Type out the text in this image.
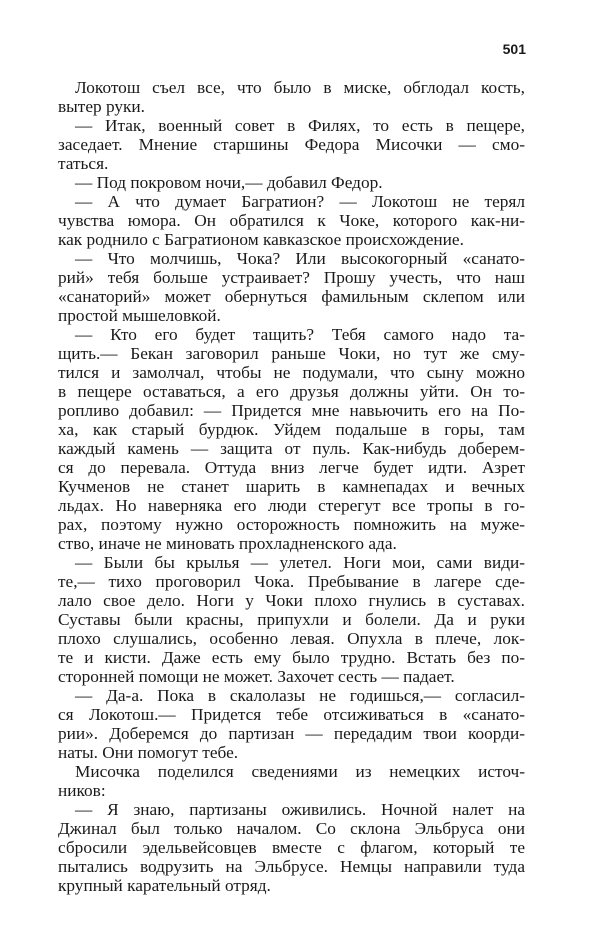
501
Локотош съел все, что было в миске, обглодал кость,
вытер руки.
— Итак, военный совет в Филях, то есть в пещере,
заседает. Мнение старшины Федора Мисочки — смо-
таться.
— Под покровом ночи,— добавил Федор.
— А что думает Багратион? — Локотош не терял
чувства юмора. Он обратился к Чоке, которого как-ни-
как роднило с Багратионом кавказское происхождение.
— Что молчишь, Чока? Или высокогорный «санато-
рий» тебя больше устраивает? Прошу учесть, что наш
«санаторий» может обернуться фамильным склепом или
простой мышеловкой.
— Кто его будет тащить? Тебя самого надо та-
щить.— Бекан заговорил раньше Чоки, но тут же сму-
тился и замолчал, чтобы не подумали, что сыну можно
в пещере оставаться, а его друзья должны уйти. Он то-
ропливо добавил: — Придется мне навьючить его на По-
ха, как старый бурдюк. Уйдем подальше в горы, там
каждый камень — защита от пуль. Как-нибудь доберем-
ся до перевала. Оттуда вниз легче будет идти. Азрет
Кучменов не станет шарить в камнепадах и вечных
льдах. Но наверняка его люди стерегут все тропы в го-
рах, поэтому нужно осторожность помножить на муже-
ство, иначе не миновать прохладненского ада.
— Были бы крылья — улетел. Ноги мои, сами види-
те,— тихо проговорил Чока. Пребывание в лагере сде-
лало свое дело. Ноги у Чоки плохо гнулись в суставах.
Суставы были красны, припухли и болели. Да и руки
плохо слушались, особенно левая. Опухла в плече, лок-
те и кисти. Даже есть ему было трудно. Встать без по-
сторонней помощи не может. Захочет сесть — падает.
— Да-а. Пока в скалолазы не годишься,— согласил-
ся Локотош.— Придется тебе отсиживаться в «санато-
рии». Доберемся до партизан — передадим твои коорди-
наты. Они помогут тебе.
Мисочка поделился сведениями из немецких источ-
ников:
— Я знаю, партизаны оживились. Ночной налет на
Джинал был только началом. Со склона Эльбруса они
сбросили эдельвейсовцев вместе с флагом, который те
пытались водрузить на Эльбрусе. Немцы направили туда
крупный карательный отряд.
